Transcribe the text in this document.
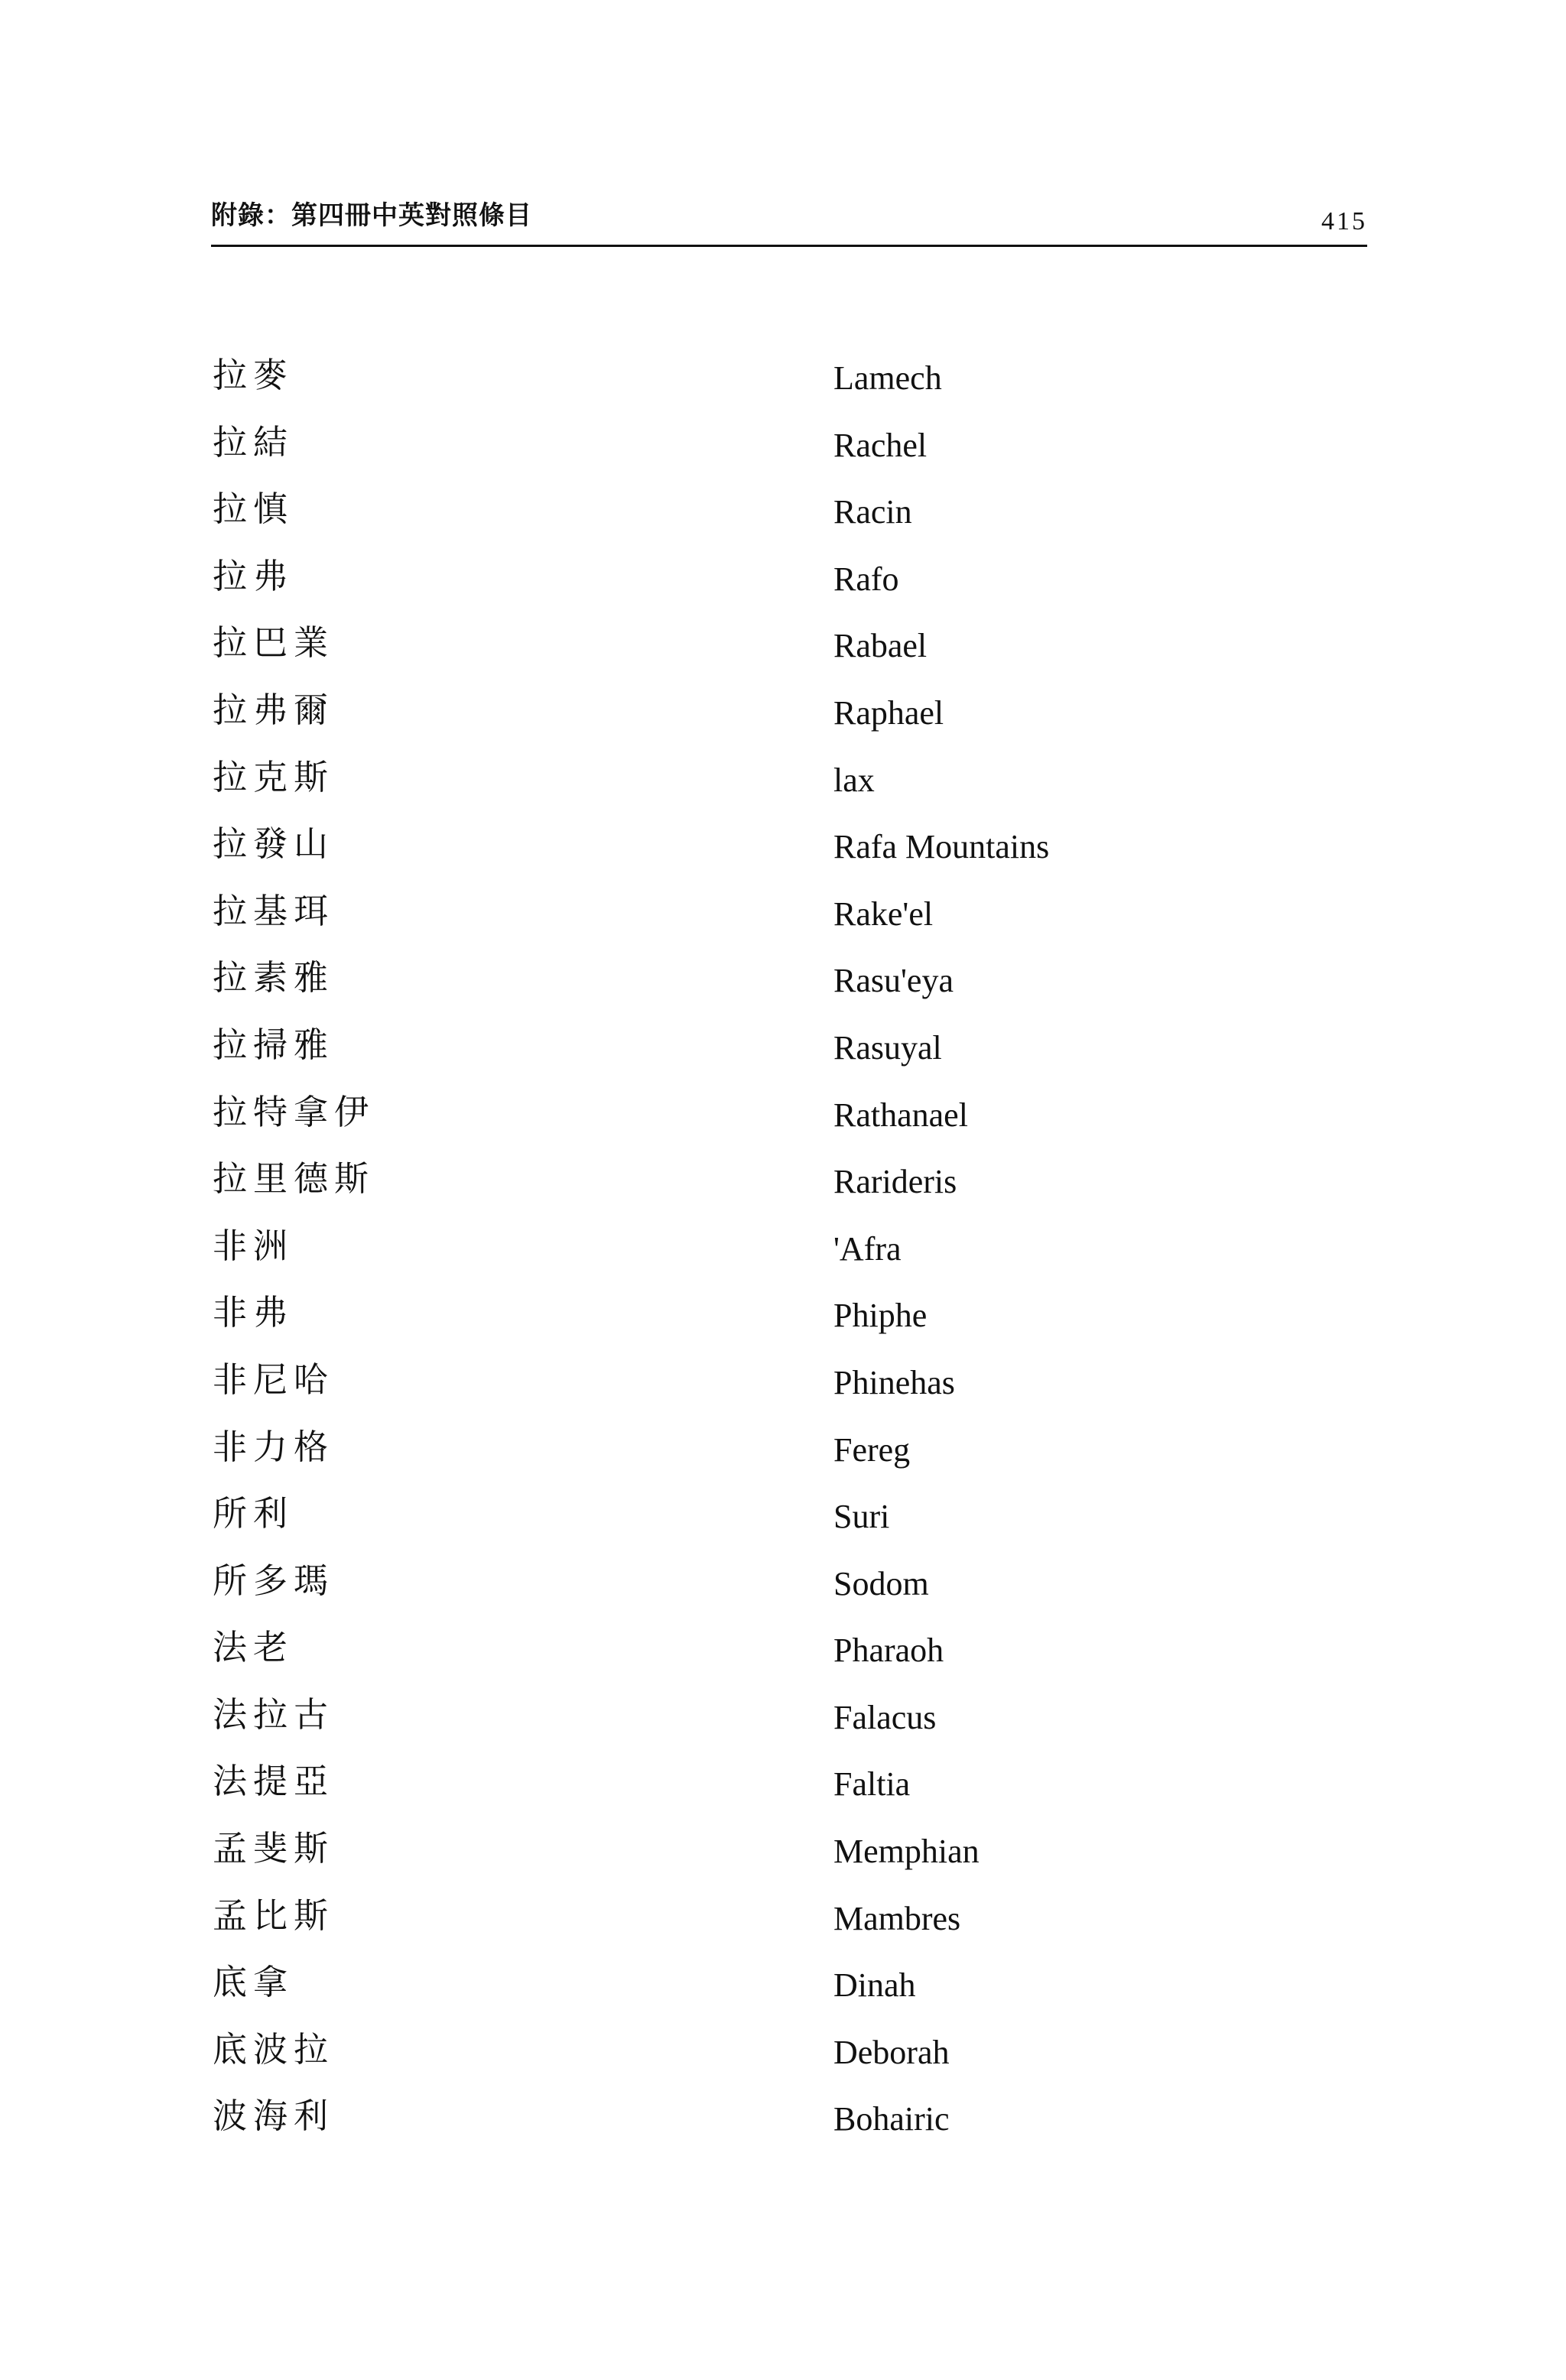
附錄：第四冊中英對照條目	415
拉麥	Lamech
拉結	Rachel
拉慎	Racin
拉弗	Rafo
拉巴業	Rabael
拉弗爾	Raphael
拉克斯	lax
拉發山	Rafa Mountains
拉基珥	Rake'el
拉素雅	Rasu'eya
拉掃雅	Rasuyal
拉特拿伊	Rathanael
拉里德斯	Rarideris
非洲	'Afra
非弗	Phiphe
非尼哈	Phinehas
非力格	Fereg
所利	Suri
所多瑪	Sodom
法老	Pharaoh
法拉古	Falacus
法提亞	Faltia
孟斐斯	Memphian
孟比斯	Mambres
底拿	Dinah
底波拉	Deborah
波海利	Bohairic
